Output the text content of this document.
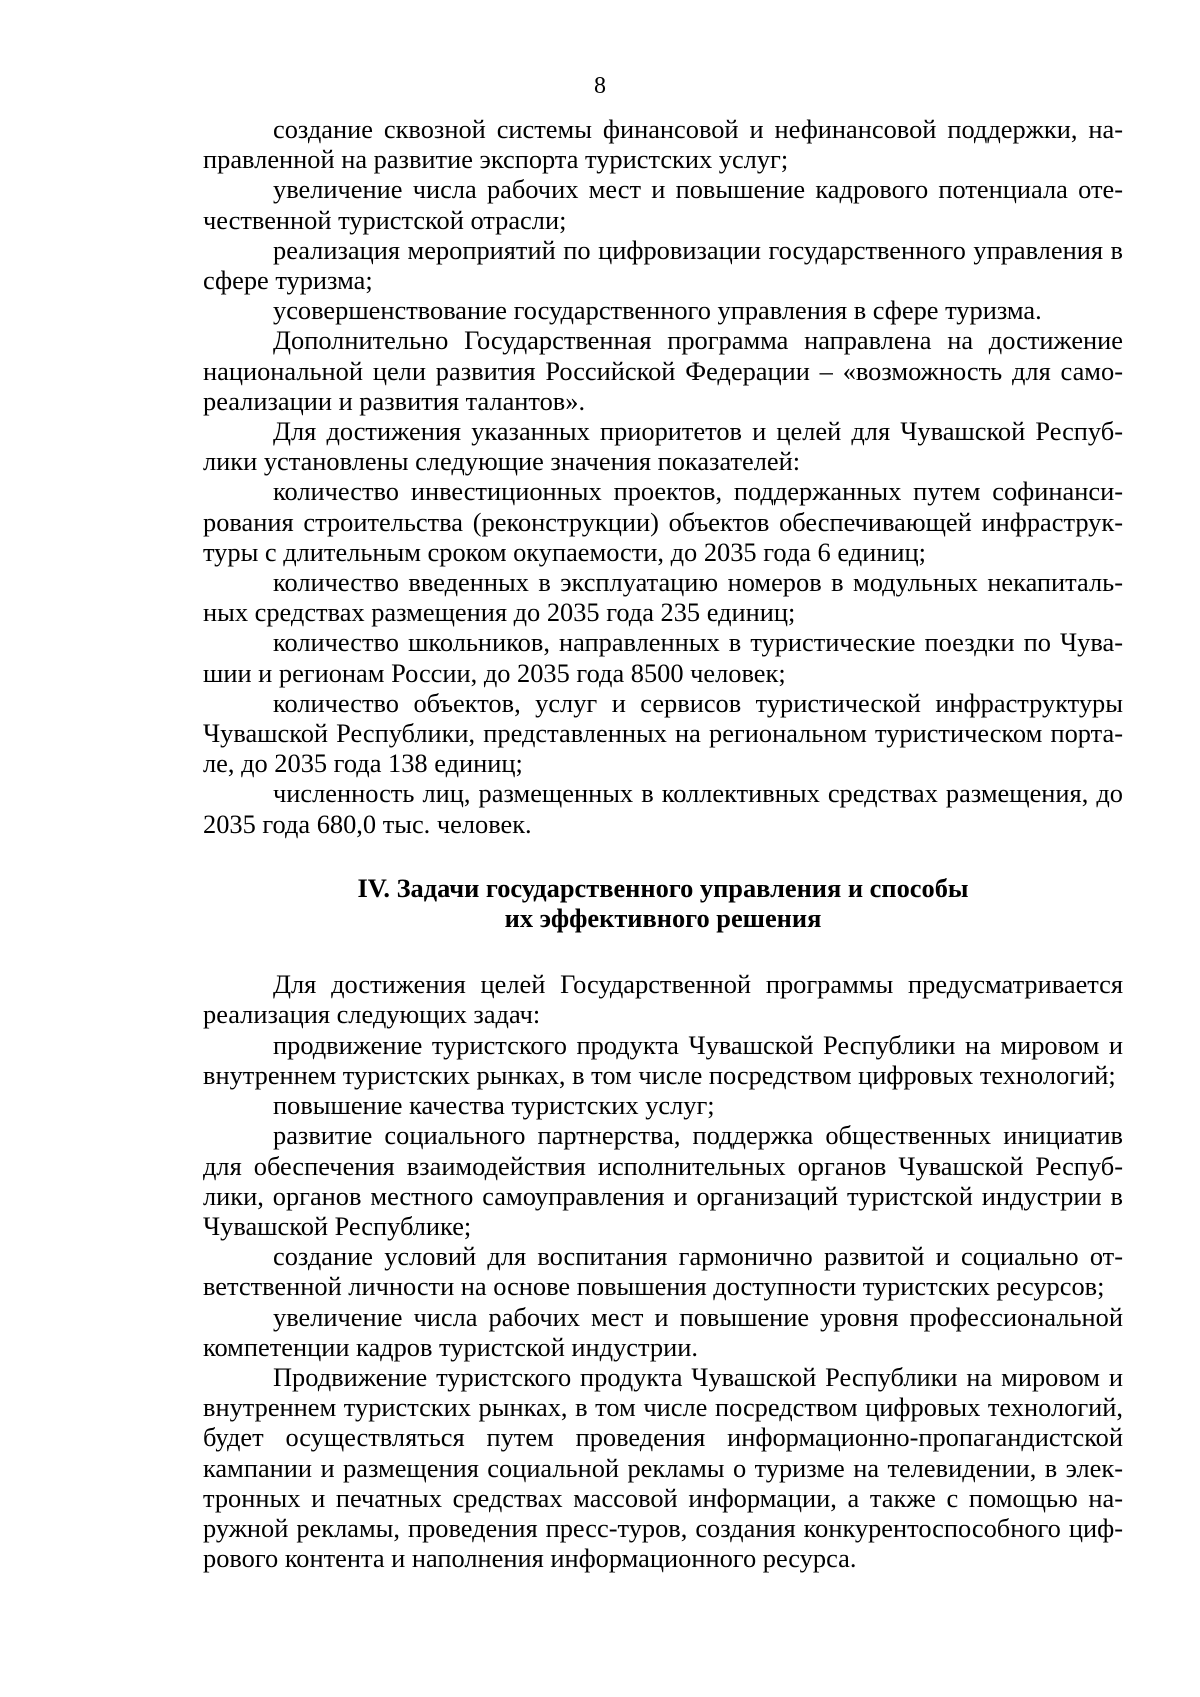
8

создание сквозной системы финансовой и нефинансовой поддержки, направленной на развитие экспорта туристских услуг;

увеличение числа рабочих мест и повышение кадрового потенциала отечественной туристской отрасли;

реализация мероприятий по цифровизации государственного управления в сфере туризма;

усовершенствование государственного управления в сфере туризма.

Дополнительно Государственная программа направлена на достижение национальной цели развития Российской Федерации – «возможность для самореализации и развития талантов».

Для достижения указанных приоритетов и целей для Чувашской Республики установлены следующие значения показателей:

количество инвестиционных проектов, поддержанных путем софинансирования строительства (реконструкции) объектов обеспечивающей инфраструктуры с длительным сроком окупаемости, до 2035 года 6 единиц;

количество введенных в эксплуатацию номеров в модульных некапитальных средствах размещения до 2035 года 235 единиц;

количество школьников, направленных в туристические поездки по Чувашии и регионам России, до 2035 года 8500 человек;

количество объектов, услуг и сервисов туристической инфраструктуры Чувашской Республики, представленных на региональном туристическом портале, до 2035 года 138 единиц;

численность лиц, размещенных в коллективных средствах размещения, до 2035 года 680,0 тыс. человек.

IV. Задачи государственного управления и способы
их эффективного решения

Для достижения целей Государственной программы предусматривается реализация следующих задач:

продвижение туристского продукта Чувашской Республики на мировом и внутреннем туристских рынках, в том числе посредством цифровых технологий;

повышение качества туристских услуг;

развитие социального партнерства, поддержка общественных инициатив для обеспечения взаимодействия исполнительных органов Чувашской Республики, органов местного самоуправления и организаций туристской индустрии в Чувашской Республике;

создание условий для воспитания гармонично развитой и социально ответственной личности на основе повышения доступности туристских ресурсов;

увеличение числа рабочих мест и повышение уровня профессиональной компетенции кадров туристской индустрии.

Продвижение туристского продукта Чувашской Республики на мировом и внутреннем туристских рынках, в том числе посредством цифровых технологий, будет осуществляться путем проведения информационно-пропагандистской кампании и размещения социальной рекламы о туризме на телевидении, в электронных и печатных средствах массовой информации, а также с помощью наружной рекламы, проведения пресс-туров, создания конкурентоспособного цифрового контента и наполнения информационного ресурса.
